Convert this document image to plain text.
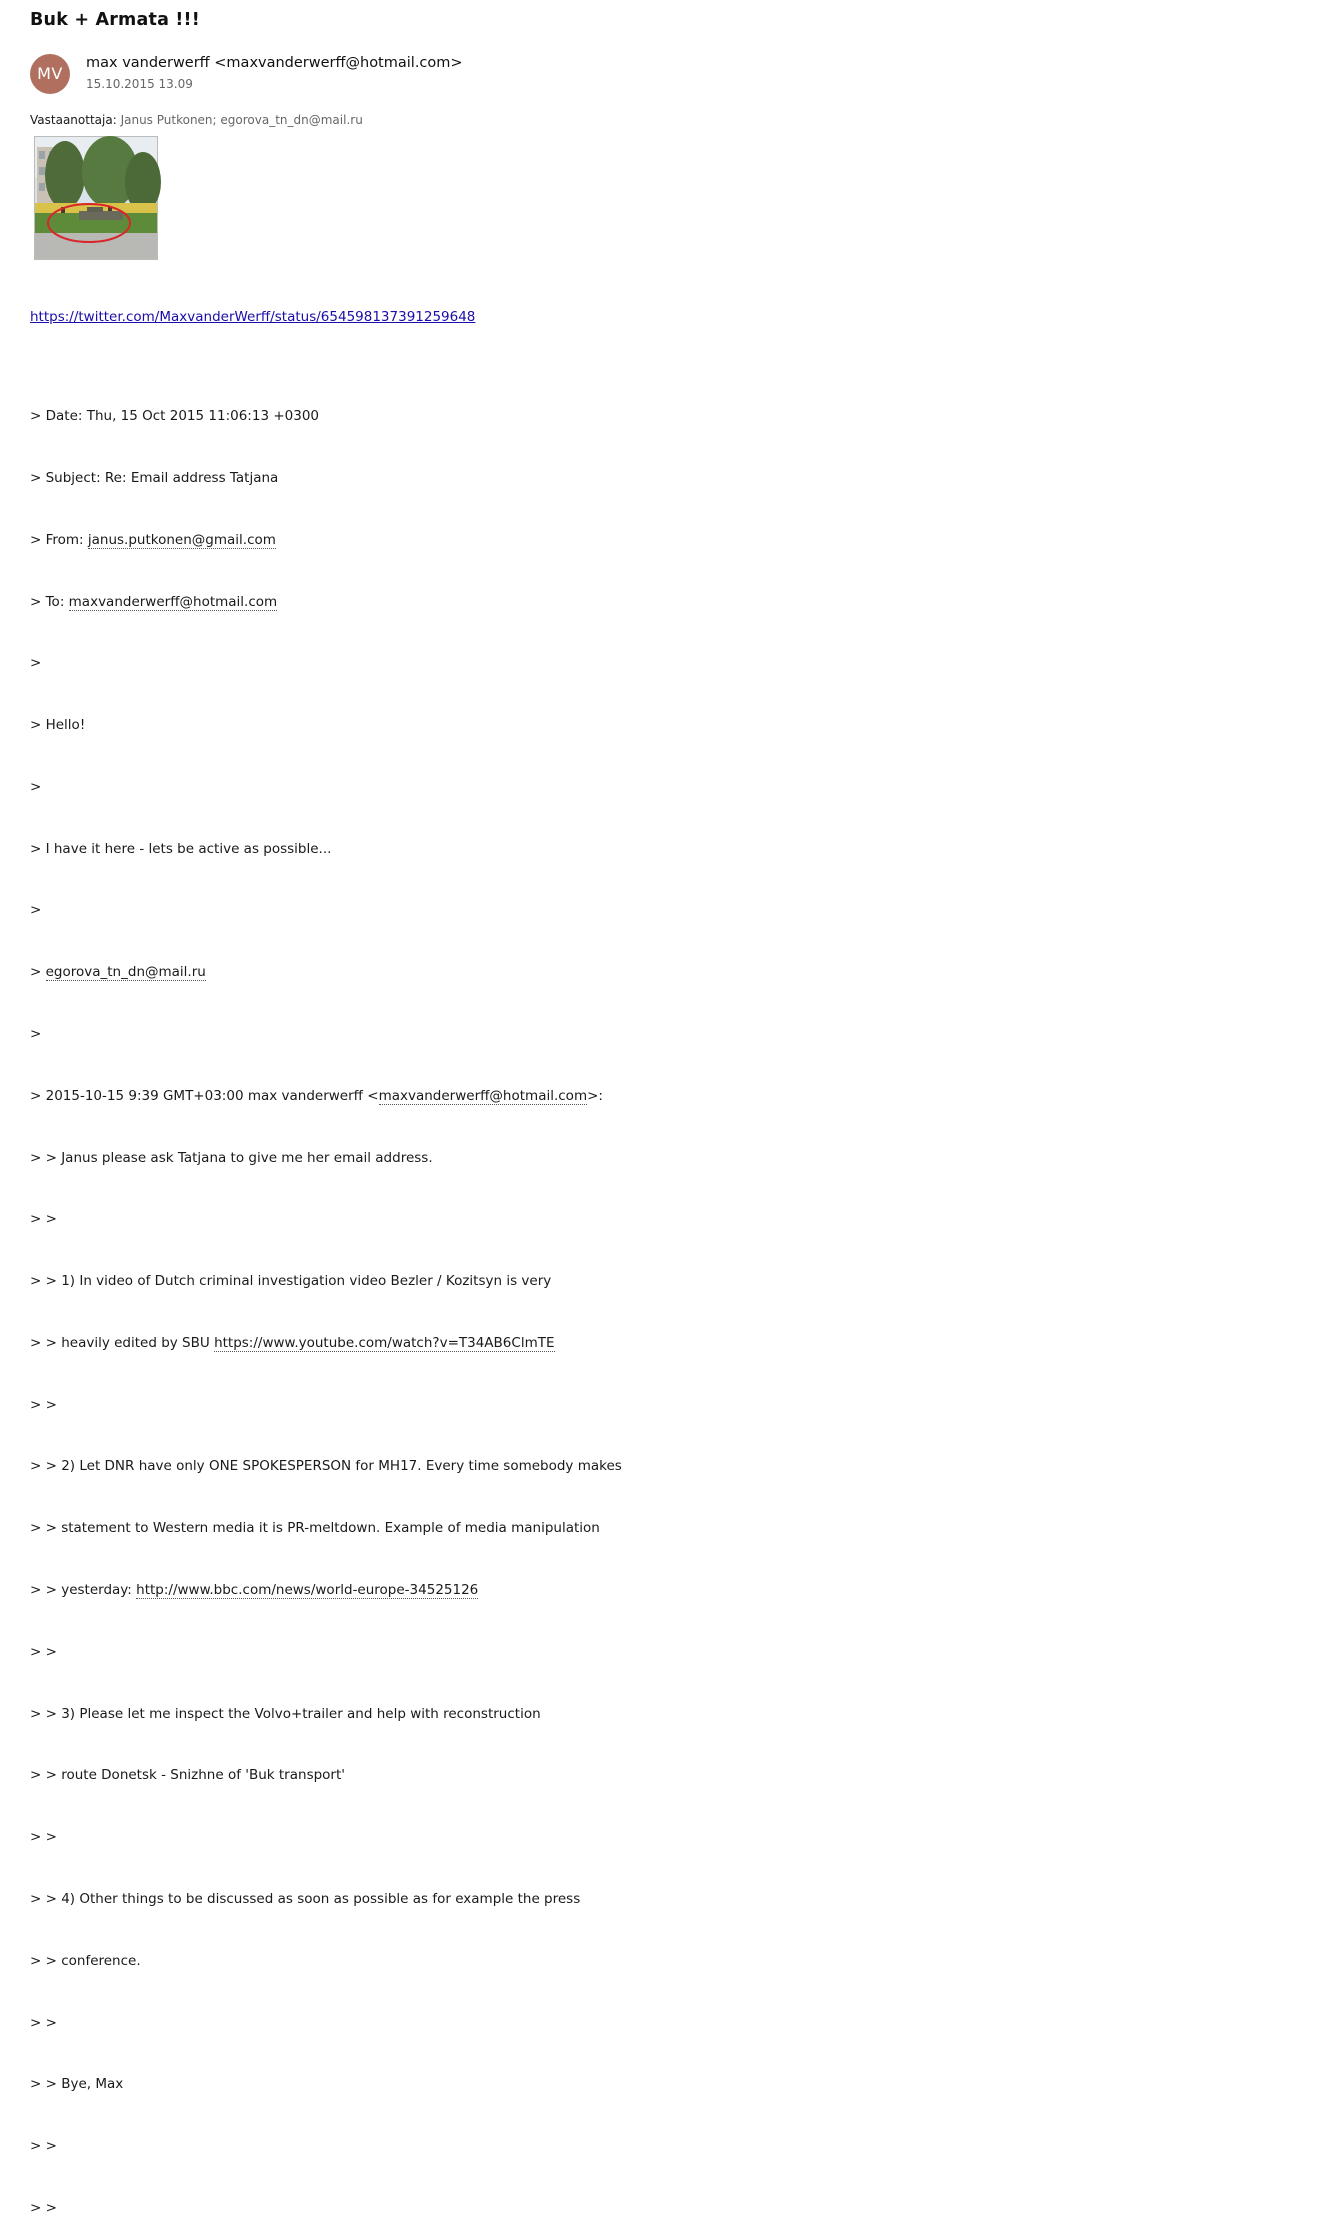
Buk + Armata !!!
MV
max vanderwerff <maxvanderwerff@hotmail.com>
15.10.2015 13.09
Vastaanottaja: Janus Putkonen; egorova_tn_dn@mail.ru
https://twitter.com/MaxvanderWerff/status/654598137391259648

> Date: Thu, 15 Oct 2015 11:06:13 +0300

> Subject: Re: Email address Tatjana

> From: janus.putkonen@gmail.com

> To: maxvanderwerff@hotmail.com

>

> Hello!

>

> I have it here - lets be active as possible...

>

> egorova_tn_dn@mail.ru

>

> 2015-10-15 9:39 GMT+03:00 max vanderwerff <maxvanderwerff@hotmail.com>:

> > Janus please ask Tatjana to give me her email address.

> >

> > 1) In video of Dutch criminal investigation video Bezler / Kozitsyn is very

> > heavily edited by SBU https://www.youtube.com/watch?v=T34AB6ClmTE

> >

> > 2) Let DNR have only ONE SPOKESPERSON for MH17. Every time somebody makes

> > statement to Western media it is PR-meltdown. Example of media manipulation

> > yesterday: http://www.bbc.com/news/world-europe-34525126

> >

> > 3) Please let me inspect the Volvo+trailer and help with reconstruction

> > route Donetsk - Snizhne of 'Buk transport'

> >

> > 4) Other things to be discussed as soon as possible as for example the press

> > conference.

> >

> > Bye, Max

> >

> >
